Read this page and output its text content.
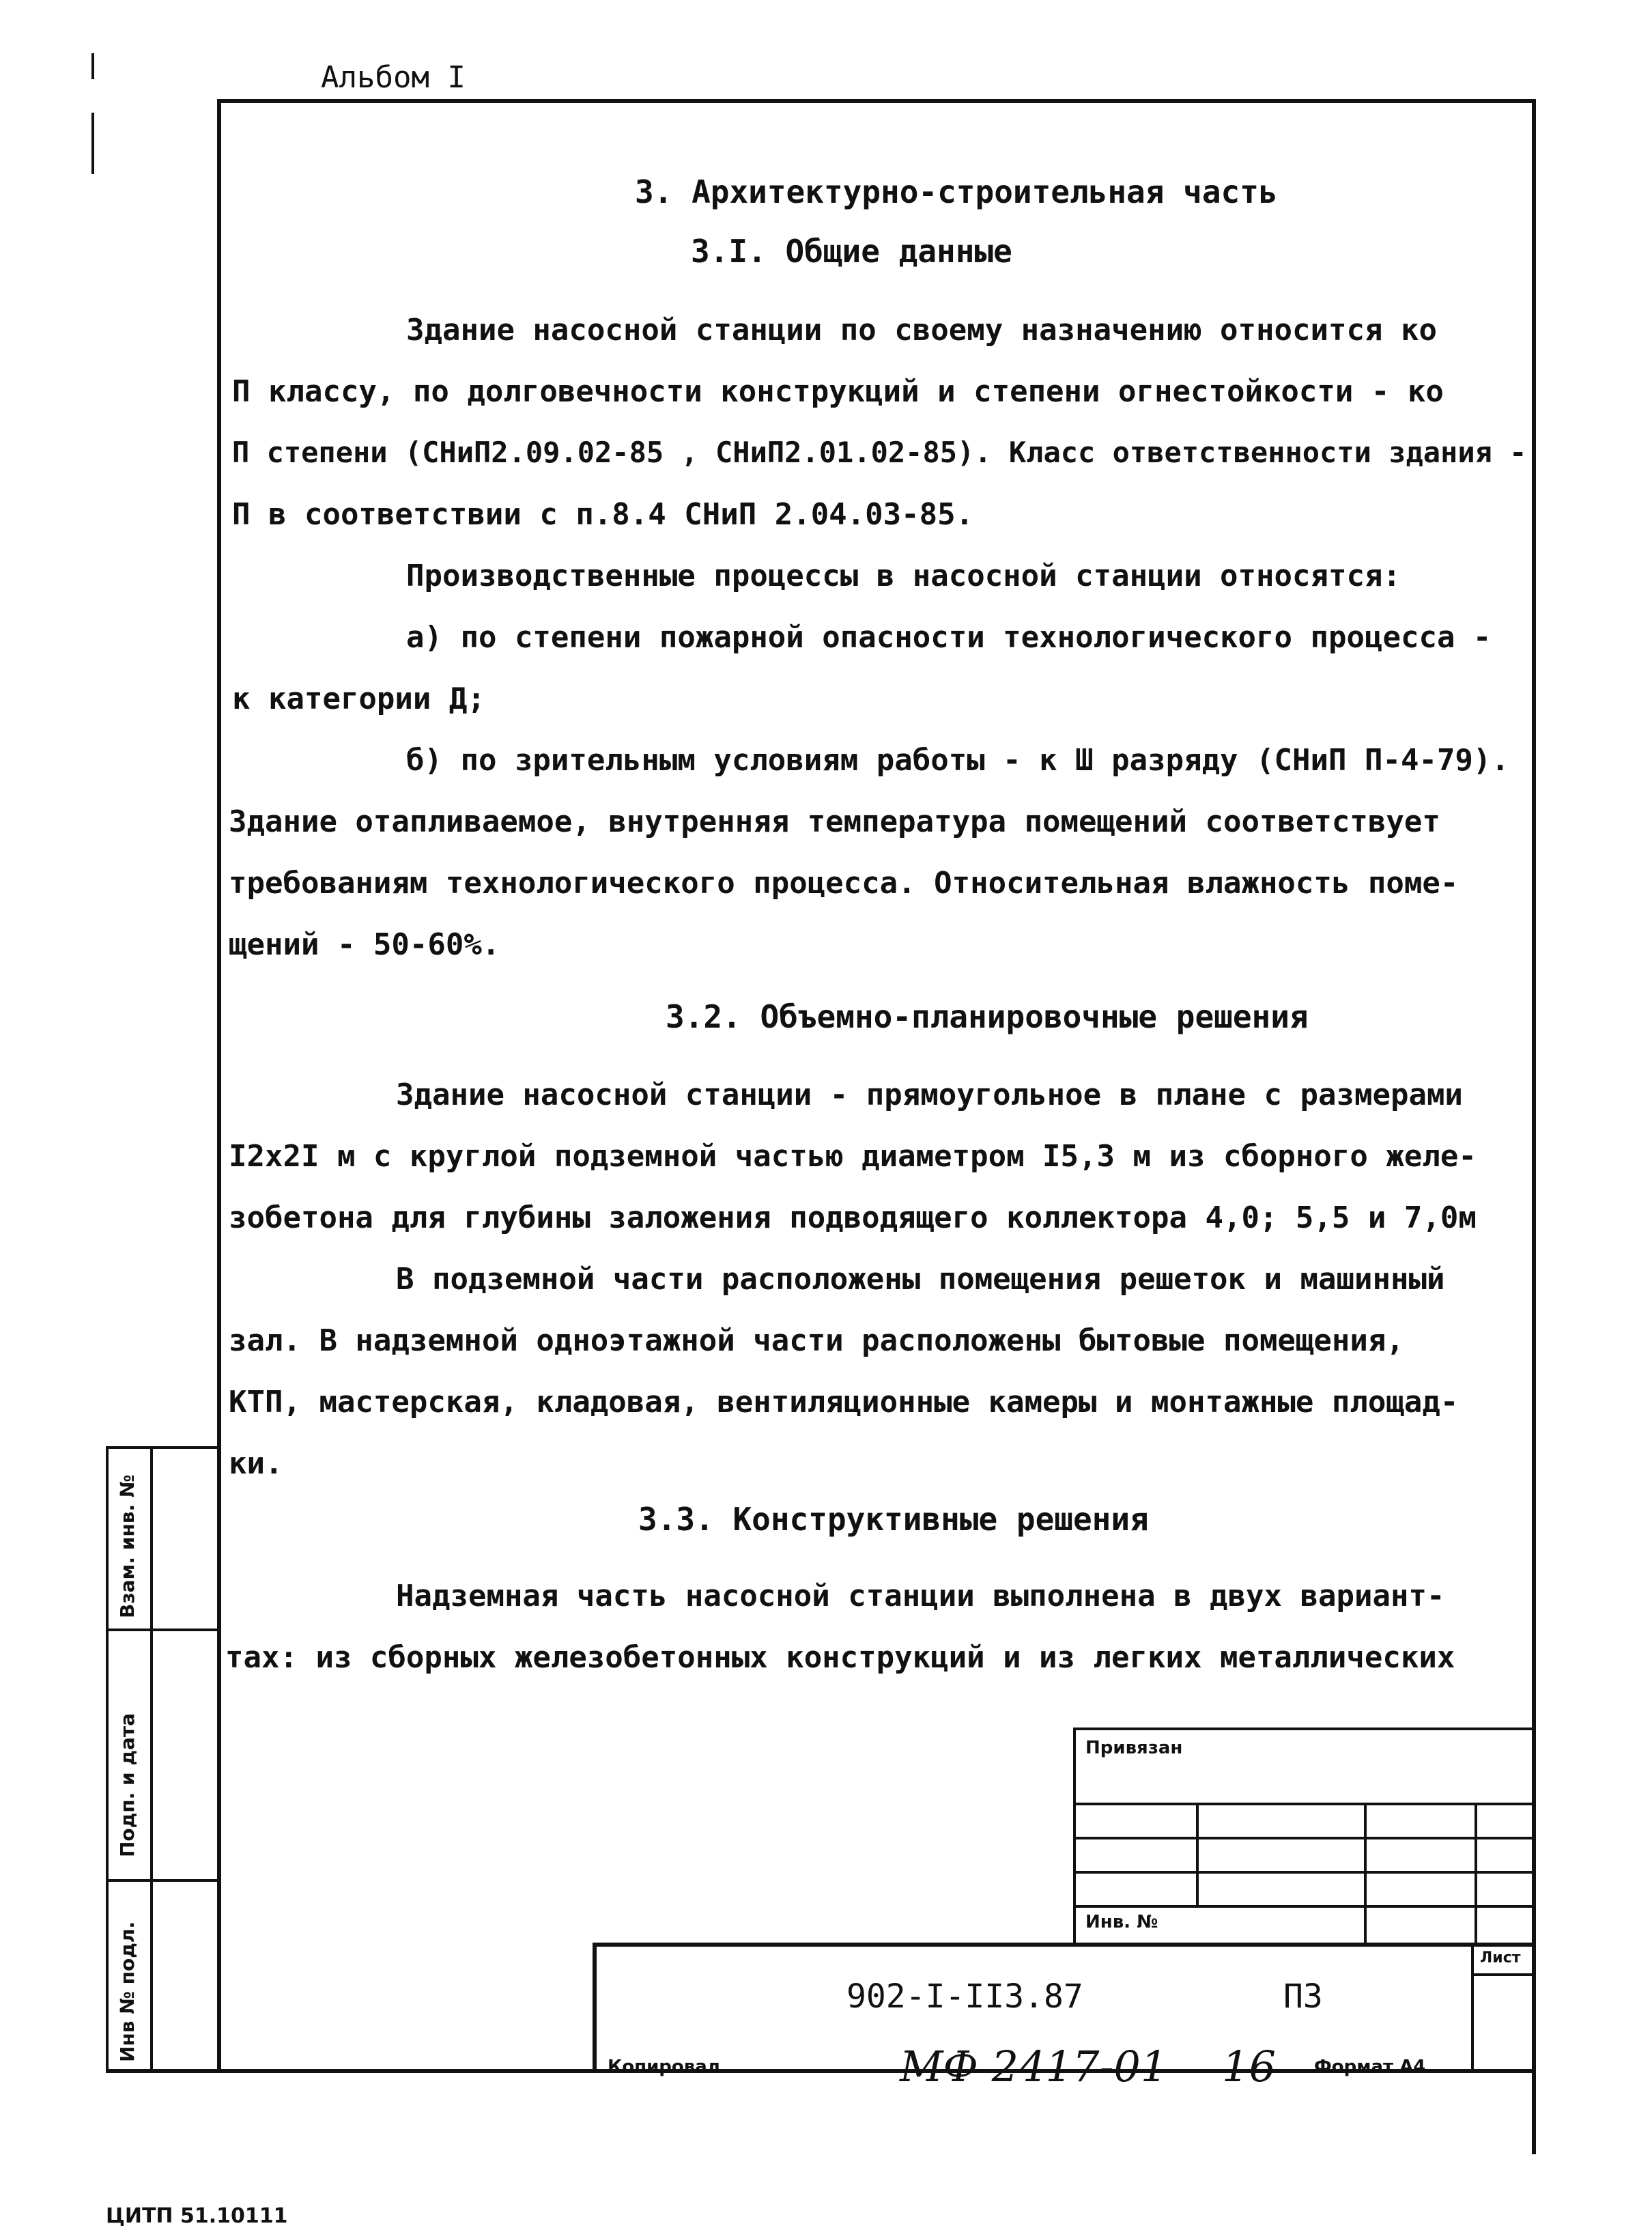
Альбом I
3. Архитектурно-строительная часть
3.I. Общие данные
Здание насосной станции по своему назначению относится ко
П классу, по долговечности конструкций и степени огнестойкости - ко
П степени (СНиП2.09.02-85 , СНиП2.01.02-85). Класс ответственности здания -
П в соответствии с п.8.4 СНиП 2.04.03-85.
Производственные процессы в насосной станции относятся:
а) по степени пожарной опасности технологического процесса -
к категории Д;
б) по зрительным условиям работы - к Ш разряду (СНиП П-4-79).
Здание отапливаемое, внутренняя температура помещений соответствует
требованиям технологического процесса. Относительная влажность поме-
щений - 50-60%.
3.2. Объемно-планировочные решения
Здание насосной станции - прямоугольное в плане с размерами
I2x2I м с круглой подземной частью диаметром I5,3 м из сборного желе-
зобетона для глубины заложения подводящего коллектора 4,0; 5,5 и 7,0м
В подземной части расположены помещения решеток и машинный
зал. В надземной одноэтажной части расположены бытовые помещения,
КТП, мастерская, кладовая, вентиляционные камеры и монтажные площад-
ки.
3.3. Конструктивные решения
Надземная часть насосной станции выполнена в двух вариант-
тах: из сборных железобетонных конструкций и из легких металлических
Взам. инв. №
Подп. и дата
Инв № подл.
Привязан
Инв. №
Лист
902-I-II3.87	ПЗ
Копировал	МФ 2417-01 16 Формат А4
ЦИТП 51.10111
